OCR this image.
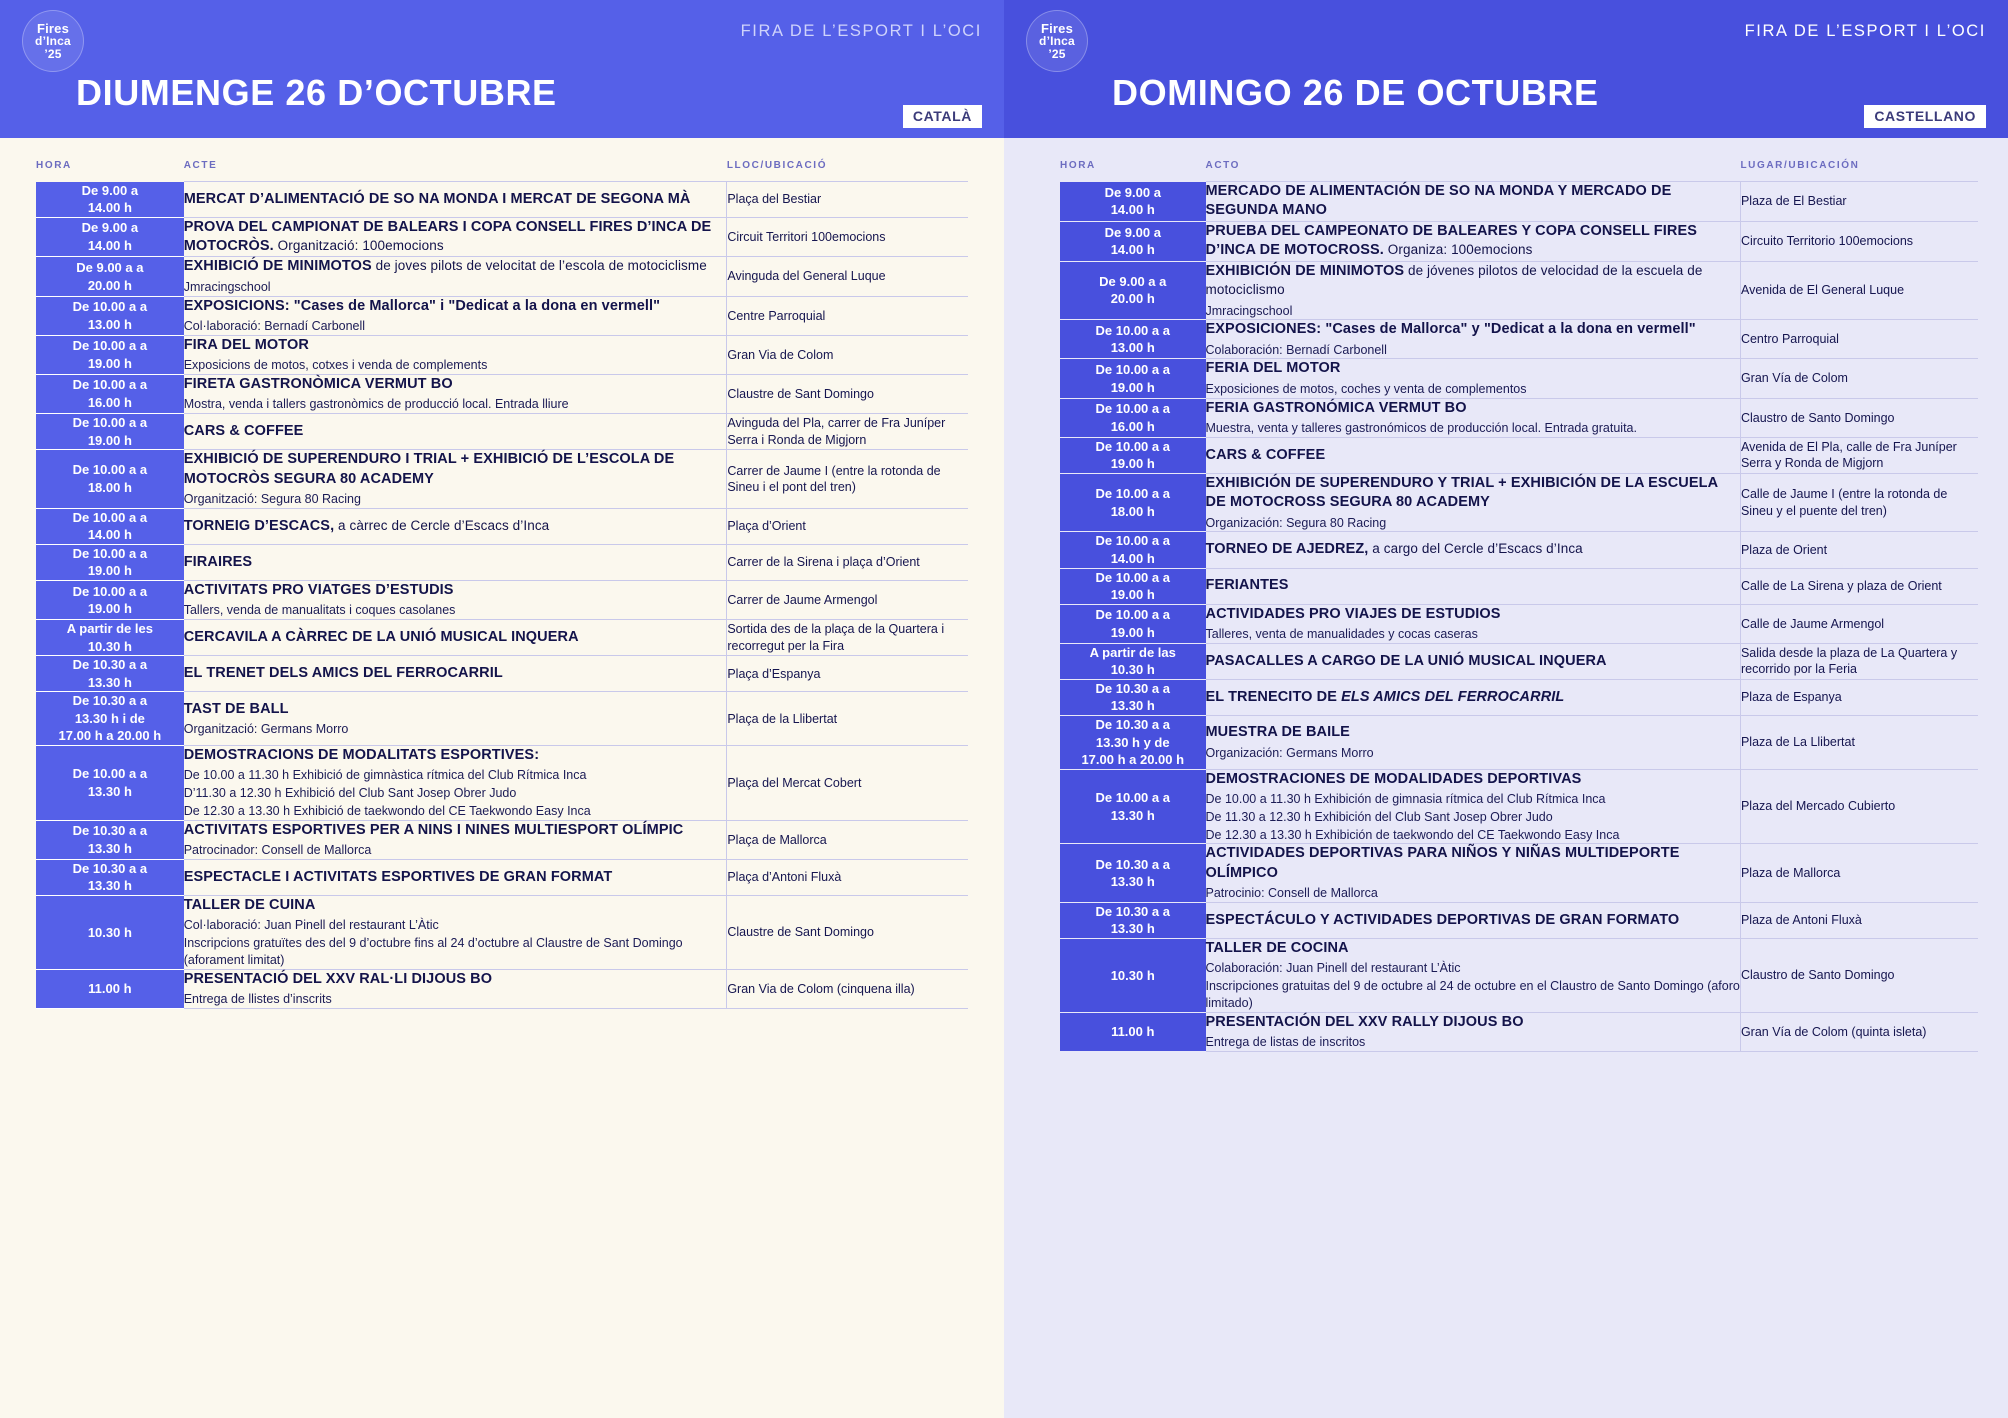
Fires
d’Inca
’25
FIRA DE L’ESPORT I L’OCI
DIUMENGE 26 D’OCTUBRE
CATALÀ
HORA	ACTE	LLOC/UBICACIÓ

De 9.00 a
14.00 h	MERCAT D’ALIMENTACIÓ DE SO NA MONDA I MERCAT DE SEGONA MÀ	Plaça del Bestiar

De 9.00 a
14.00 h	PROVA DEL CAMPIONAT DE BALEARS I COPA CONSELL FIRES D’INCA DE MOTOCRÒS. Organització: 100emocions	Circuit Territori 100emocions

De 9.00 a a
20.00 h

EXHIBICIÓ DE MINIMOTOS de joves pilots de velocitat de l’escola de motociclisme
Jmracingschool
	Avinguda del General Luque

De 10.00 a a
13.00 h

EXPOSICIONS: "Cases de Mallorca" i "Dedicat a la dona en vermell"
Col·laboració: Bernadí Carbonell
	Centre Parroquial

De 10.00 a a
19.00 h

FIRA DEL MOTOR
Exposicions de motos, cotxes i venda de complements
	Gran Via de Colom

De 10.00 a a
16.00 h

FIRETA GASTRONÒMICA VERMUT BO
Mostra, venda i tallers gastronòmics de producció local. Entrada lliure
	Claustre de Sant Domingo

De 10.00 a a
19.00 h	CARS & COFFEE	Avinguda del Pla, carrer de Fra Juníper Serra i Ronda de Migjorn

De 10.00 a a
18.00 h

EXHIBICIÓ DE SUPERENDURO I TRIAL + EXHIBICIÓ DE L’ESCOLA DE MOTOCRÒS SEGURA 80 ACADEMY
Organització: Segura 80 Racing
	Carrer de Jaume I (entre la rotonda de Sineu i el pont del tren)

De 10.00 a a
14.00 h	TORNEIG D’ESCACS, a càrrec de Cercle d’Escacs d’Inca	Plaça d’Orient

De 10.00 a a
19.00 h	FIRAIRES	Carrer de la Sirena i plaça d’Orient

De 10.00 a a
19.00 h

ACTIVITATS PRO VIATGES D’ESTUDIS
Tallers, venda de manualitats i coques casolanes
	Carrer de Jaume Armengol

A partir de les
10.30 h	CERCAVILA A CÀRREC DE LA UNIÓ MUSICAL INQUERA	Sortida des de la plaça de la Quartera i recorregut per la Fira

De 10.30 a a
13.30 h	EL TRENET DELS AMICS DEL FERROCARRIL	Plaça d’Espanya

De 10.30 a a
13.30 h i de
17.00 h a 20.00 h

TAST DE BALL
Organització: Germans Morro
	Plaça de la Llibertat

De 10.00 a a
13.30 h

DEMOSTRACIONS DE MODALITATS ESPORTIVES:
De 10.00 a 11.30 h Exhibició de gimnàstica rítmica del Club Rítmica Inca
D’11.30 a 12.30 h Exhibició del Club Sant Josep Obrer Judo
De 12.30 a 13.30 h Exhibició de taekwondo del CE Taekwondo Easy Inca
	Plaça del Mercat Cobert

De 10.30 a a
13.30 h

ACTIVITATS ESPORTIVES PER A NINS I NINES MULTIESPORT OLÍMPIC
Patrocinador: Consell de Mallorca
	Plaça de Mallorca

De 10.30 a a
13.30 h	ESPECTACLE I ACTIVITATS ESPORTIVES DE GRAN FORMAT	Plaça d’Antoni Fluxà

10.30 h	TALLER DE CUINA
Col·laboració: Juan Pinell del restaurant L’Àtic
Inscripcions gratuïtes des del 9 d’octubre fins al 24 d’octubre al Claustre de Sant Domingo (aforament limitat)	Claustre de Sant Domingo

11.00 h	PRESENTACIÓ DEL XXV RAL·LI DIJOUS BO
Entrega de llistes d’inscrits	Gran Via de Colom (cinquena illa)
Fires
d’Inca
’25
FIRA DE L’ESPORT I L’OCI
DOMINGO 26 DE OCTUBRE
CASTELLANO
HORA	ACTO	LUGAR/UBICACIÓN

De 9.00 a
14.00 h	MERCADO DE ALIMENTACIÓN DE SO NA MONDA Y MERCADO DE SEGUNDA MANO	Plaza de El Bestiar

De 9.00 a
14.00 h	PRUEBA DEL CAMPEONATO DE BALEARES Y COPA CONSELL FIRES D’INCA DE MOTOCROSS. Organiza: 100emocions	Circuito Territorio 100emocions

De 9.00 a a
20.00 h

EXHIBICIÓN DE MINIMOTOS de jóvenes pilotos de velocidad de la escuela de motociclismo
Jmracingschool
	Avenida de El General Luque

De 10.00 a a
13.00 h

EXPOSICIONES: "Cases de Mallorca" y "Dedicat a la dona en vermell"
Colaboración: Bernadí Carbonell
	Centro Parroquial

De 10.00 a a
19.00 h

FERIA DEL MOTOR
Exposiciones de motos, coches y venta de complementos
	Gran Vía de Colom

De 10.00 a a
16.00 h

FERIA GASTRONÓMICA VERMUT BO
Muestra, venta y talleres gastronómicos de producción local. Entrada gratuita.
	Claustro de Santo Domingo

De 10.00 a a
19.00 h	CARS & COFFEE	Avenida de El Pla, calle de Fra Juníper Serra y Ronda de Migjorn

De 10.00 a a
18.00 h

EXHIBICIÓN DE SUPERENDURO Y TRIAL + EXHIBICIÓN DE LA ESCUELA DE MOTOCROSS SEGURA 80 ACADEMY
Organización: Segura 80 Racing
	Calle de Jaume I (entre la rotonda de Sineu y el puente del tren)

De 10.00 a a
14.00 h	TORNEO DE AJEDREZ, a cargo del Cercle d’Escacs d’Inca	Plaza de Orient

De 10.00 a a
19.00 h	FERIANTES	Calle de La Sirena y plaza de Orient

De 10.00 a a
19.00 h

ACTIVIDADES PRO VIAJES DE ESTUDIOS
Talleres, venta de manualidades y cocas caseras
	Calle de Jaume Armengol

A partir de las
10.30 h	PASACALLES A CARGO DE LA UNIÓ MUSICAL INQUERA	Salida desde la plaza de La Quartera y recorrido por la Feria

De 10.30 a a
13.30 h	EL TRENECITO DE ELS AMICS DEL FERROCARRIL	Plaza de Espanya

De 10.30 a a
13.30 h y de
17.00 h a 20.00 h

MUESTRA DE BAILE
Organización: Germans Morro
	Plaza de La Llibertat

De 10.00 a a
13.30 h

DEMOSTRACIONES DE MODALIDADES DEPORTIVAS
De 10.00 a 11.30 h Exhibición de gimnasia rítmica del Club Rítmica Inca
De 11.30 a 12.30 h Exhibición del Club Sant Josep Obrer Judo
De 12.30 a 13.30 h Exhibición de taekwondo del CE Taekwondo Easy Inca
	Plaza del Mercado Cubierto

De 10.30 a a
13.30 h

ACTIVIDADES DEPORTIVAS PARA NIÑOS Y NIÑAS MULTIDEPORTE OLÍMPICO
Patrocinio: Consell de Mallorca
	Plaza de Mallorca

De 10.30 a a
13.30 h	ESPECTÁCULO Y ACTIVIDADES DEPORTIVAS DE GRAN FORMATO	Plaza de Antoni Fluxà

10.30 h	TALLER DE COCINA
Colaboración: Juan Pinell del restaurant L’Àtic
Inscripciones gratuitas del 9 de octubre al 24 de octubre en el Claustro de Santo Domingo (aforo limitado)	Claustro de Santo Domingo

11.00 h	PRESENTACIÓN DEL XXV RALLY DIJOUS BO
Entrega de listas de inscritos	Gran Vía de Colom (quinta isleta)
